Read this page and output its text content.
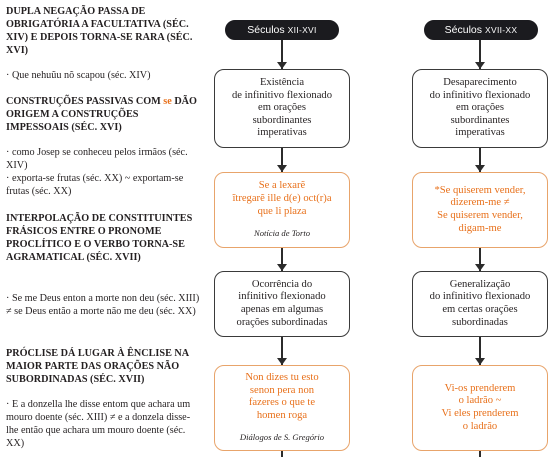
DUPLA NEGAÇÃO PASSA DE OBRIGATÓRIA A FACULTATIVA (SÉC. XIV) E DEPOIS TORNA-SE RARA (SÉC. XVI)
· Que nehuũu nõ scapou (séc. XIV)
CONSTRUÇÕES PASSIVAS COM se DÃO ORIGEM A CONSTRUÇÕES IMPESSOAIS (SÉC. XVI)
· como Josep se conheceu pelos irmãos (séc. XIV)
· exporta-se frutas (séc. XX) ~ exportam-se frutas (séc. XX)
INTERPOLAÇÃO DE CONSTITUINTES FRÁSICOS ENTRE O PRONOME PROCLÍTICO E O VERBO TORNA-SE AGRAMATICAL (SÉC. XVII)
· Se me Deus enton a morte non deu (séc. XIII) ≠ se Deus então a morte não me deu (séc. XX)
PRÓCLISE DÁ LUGAR À ÊNCLISE NA MAIOR PARTE DAS ORAÇÕES NÃO SUBORDINADAS (SÉC. XVII)
· E a donzella lhe disse entom que achara um mouro doente (séc. XIII) ≠ e a donzela disse-lhe então que achara um mouro doente (séc. XX)
Séculos XII-XVI
Existência
de infinitivo flexionado
em orações
subordinantes
imperativas
Se a lexarẽ
ĩtregarẽ ille d(e) oct(r)a
que li plaza
Notícia de Torto
Ocorrência do
infinitivo flexionado
apenas em algumas
orações subordinadas
Non dizes tu esto
senon pera non
fazeres o que te
homen roga
Diálogos de S. Gregório
Séculos XVII-XX
Desaparecimento
do infinitivo flexionado
em orações
subordinantes
imperativas
*Se quiserem vender,
dizerem-me ≠
Se quiserem vender,
digam-me
Generalização
do infinitivo flexionado
em certas orações
subordinadas
Vi-os prenderem
o ladrão ~
Vi eles prenderem
o ladrão
